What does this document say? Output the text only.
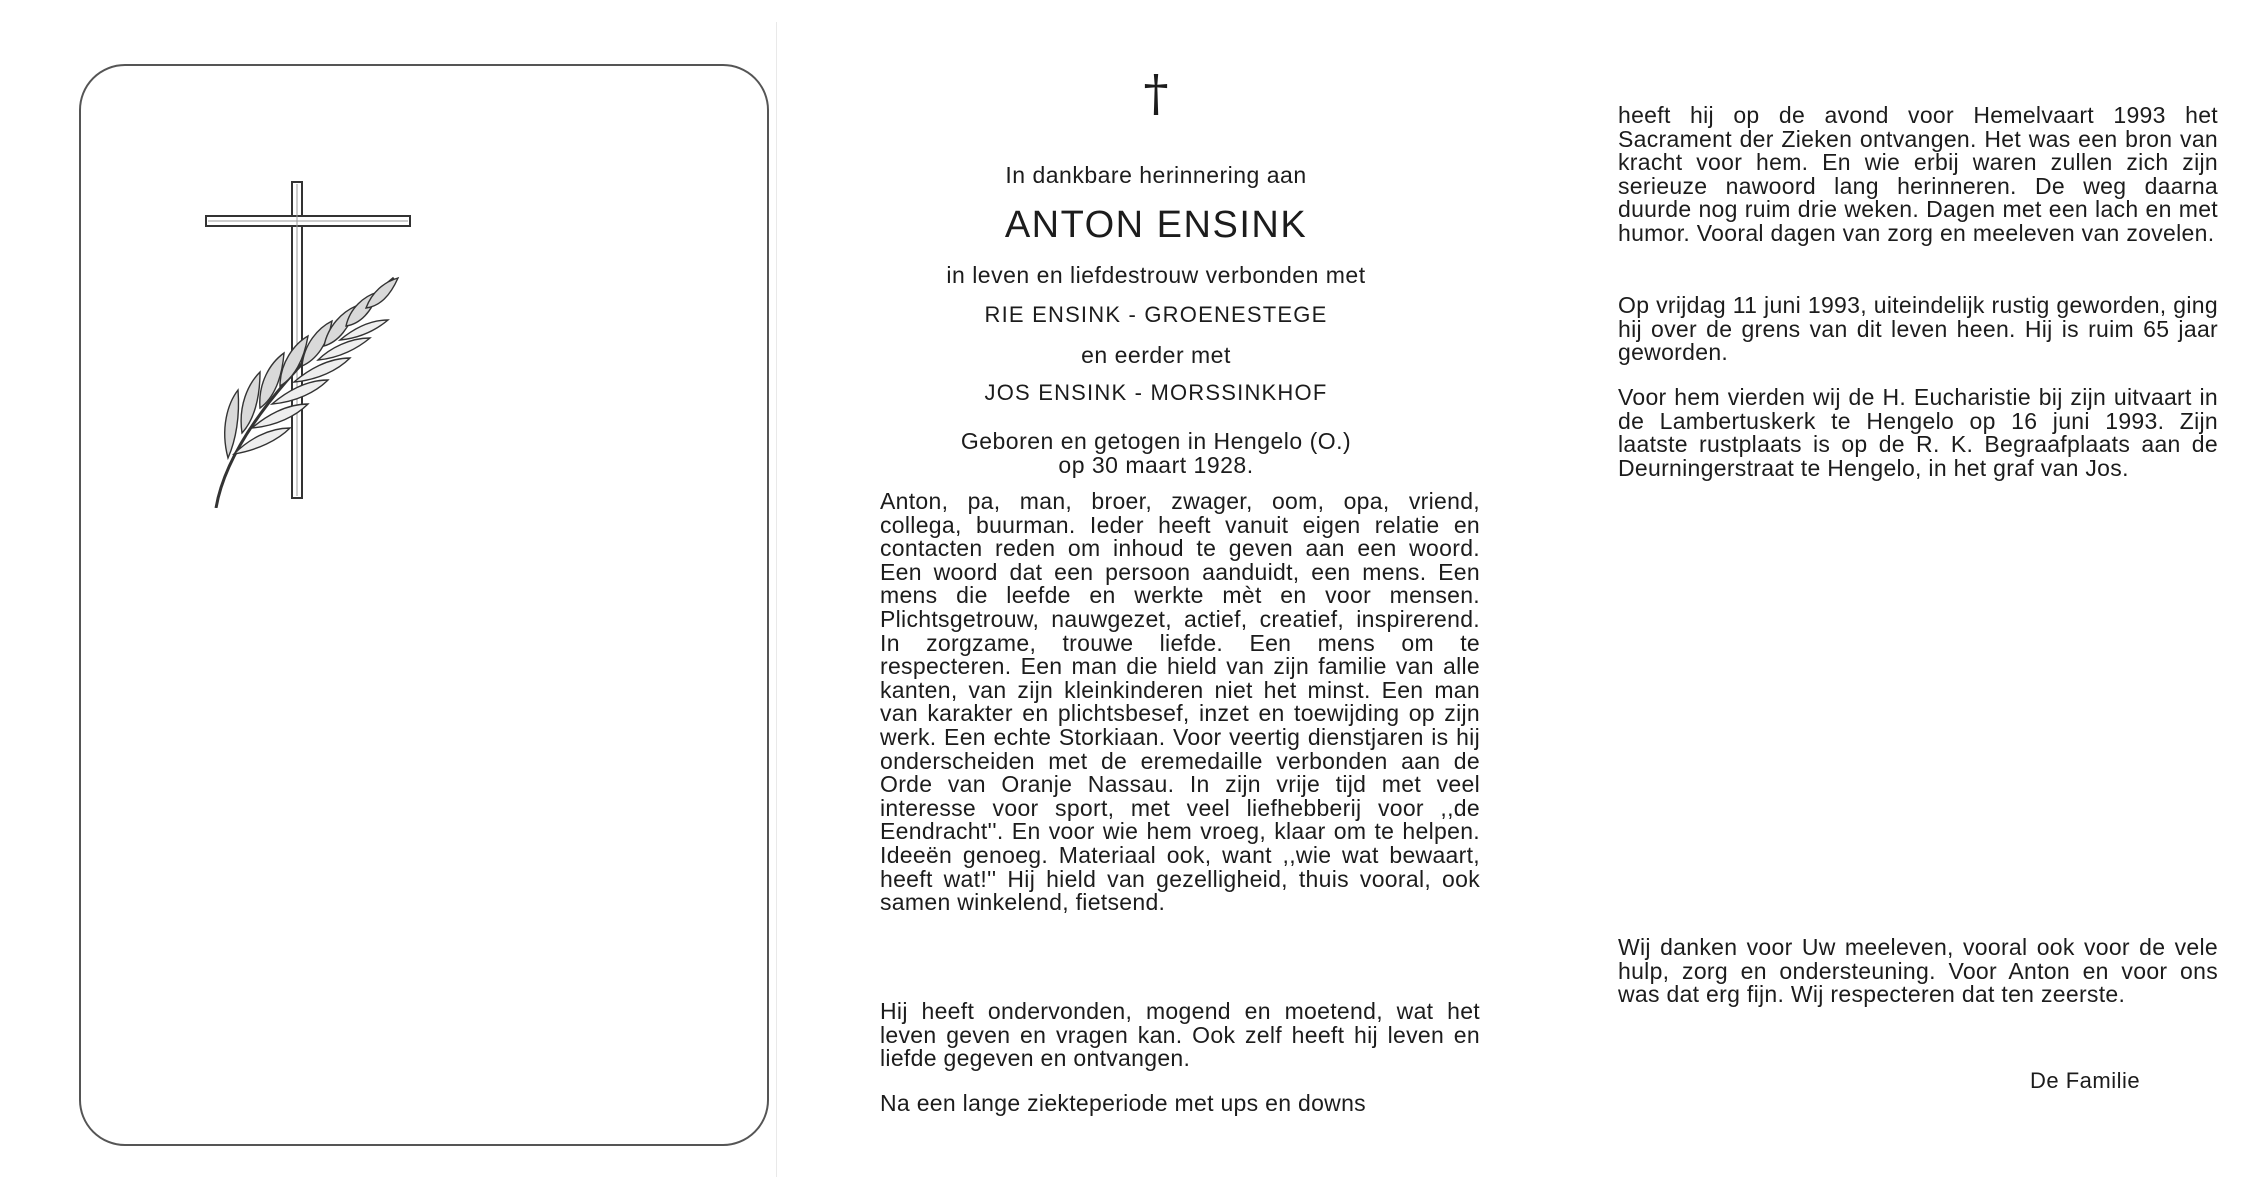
†
In dankbare herinnering aan
ANTON ENSINK
in leven en liefdestrouw verbonden met
RIE ENSINK - GROENESTEGE
en eerder met
JOS ENSINK - MORSSINKHOF
Geboren en getogen in Hengelo (O.)
op 30 maart 1928.
Anton, pa, man, broer, zwager, oom, opa, vriend, collega, buurman. Ieder heeft vanuit eigen relatie en contacten reden om inhoud te geven aan een woord. Een woord dat een persoon aanduidt, een mens. Een mens die leefde en werkte mèt en voor mensen. Plichtsgetrouw, nauwgezet, actief, creatief, inspirerend. In zorgzame, trouwe liefde. Een mens om te respecteren. Een man die hield van zijn familie van alle kanten, van zijn kleinkinderen niet het minst. Een man van karakter en plichtsbesef, inzet en toewijding op zijn werk. Een echte Storkiaan. Voor veertig dienstjaren is hij onderscheiden met de eremedaille verbonden aan de Orde van Oranje Nassau. In zijn vrije tijd met veel interesse voor sport, met veel liefhebberij voor ,,de Eendracht''. En voor wie hem vroeg, klaar om te helpen. Ideeën genoeg. Materiaal ook, want ,,wie wat bewaart, heeft wat!'' Hij hield van gezelligheid, thuis vooral, ook samen winkelend, fietsend.
Hij heeft ondervonden, mogend en moetend, wat het leven geven en vragen kan. Ook zelf heeft hij leven en liefde gegeven en ontvangen.
Na een lange ziekteperiode met ups en downs
heeft hij op de avond voor Hemelvaart 1993 het Sacrament der Zieken ontvangen. Het was een bron van kracht voor hem. En wie erbij waren zullen zich zijn serieuze nawoord lang herinneren. De weg daarna duurde nog ruim drie weken. Dagen met een lach en met humor. Vooral dagen van zorg en meeleven van zovelen.
Op vrijdag 11 juni 1993, uiteindelijk rustig geworden, ging hij over de grens van dit leven heen. Hij is ruim 65 jaar geworden.
Voor hem vierden wij de H. Eucharistie bij zijn uitvaart in de Lambertuskerk te Hengelo op 16 juni 1993. Zijn laatste rustplaats is op de R. K. Begraafplaats aan de Deurningerstraat te Hengelo, in het graf van Jos.
Wij danken voor Uw meeleven, vooral ook voor de vele hulp, zorg en ondersteuning. Voor Anton en voor ons was dat erg fijn. Wij respecteren dat ten zeerste.
De Familie
